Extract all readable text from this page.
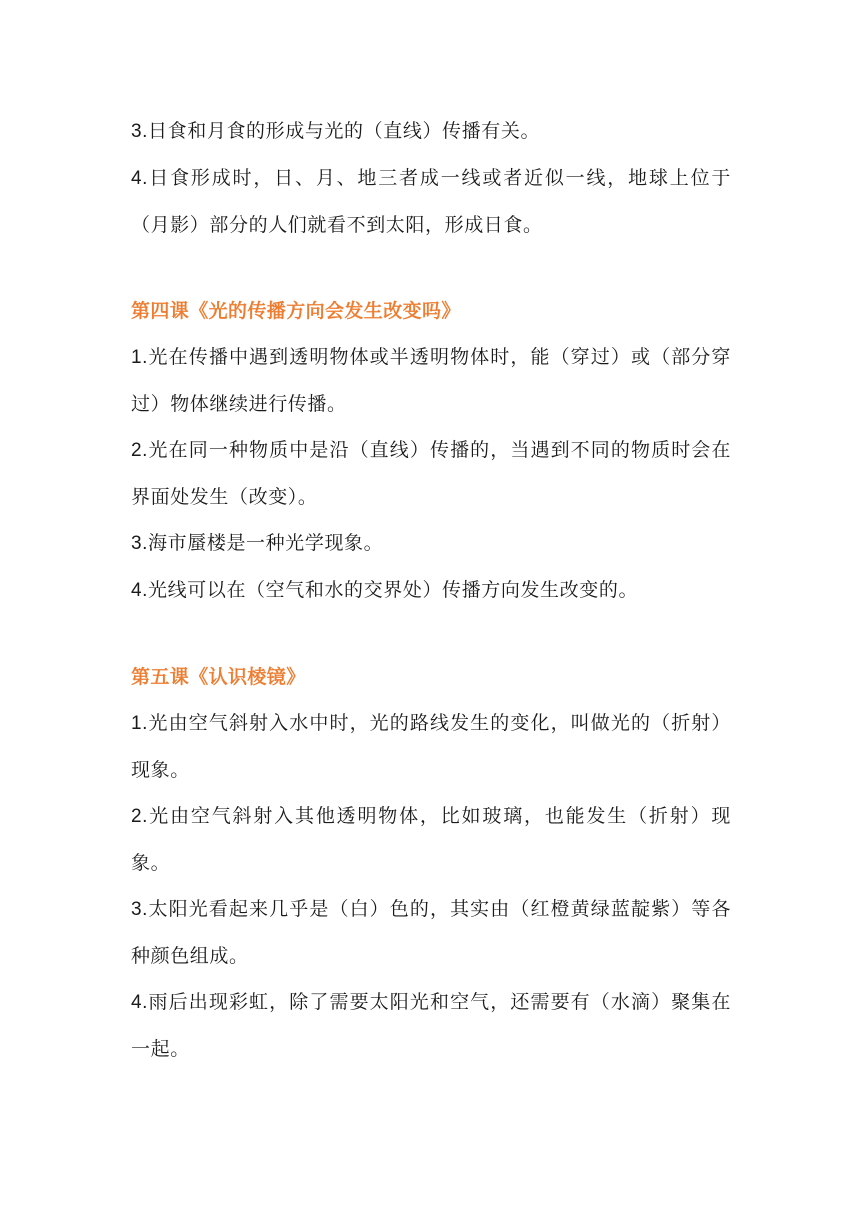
3.日食和月食的形成与光的（直线）传播有关。

4.日食形成时，日、月、地三者成一线或者近似一线，地球上位于（月影）部分的人们就看不到太阳，形成日食。

第四课《光的传播方向会发生改变吗》

1.光在传播中遇到透明物体或半透明物体时，能（穿过）或（部分穿过）物体继续进行传播。

2.光在同一种物质中是沿（直线）传播的，当遇到不同的物质时会在界面处发生（改变）。

3.海市蜃楼是一种光学现象。

4.光线可以在（空气和水的交界处）传播方向发生改变的。

第五课《认识棱镜》

1.光由空气斜射入水中时，光的路线发生的变化，叫做光的（折射）现象。

2.光由空气斜射入其他透明物体，比如玻璃，也能发生（折射）现象。

3.太阳光看起来几乎是（白）色的，其实由（红橙黄绿蓝靛紫）等各种颜色组成。

4.雨后出现彩虹，除了需要太阳光和空气，还需要有（水滴）聚集在一起。
